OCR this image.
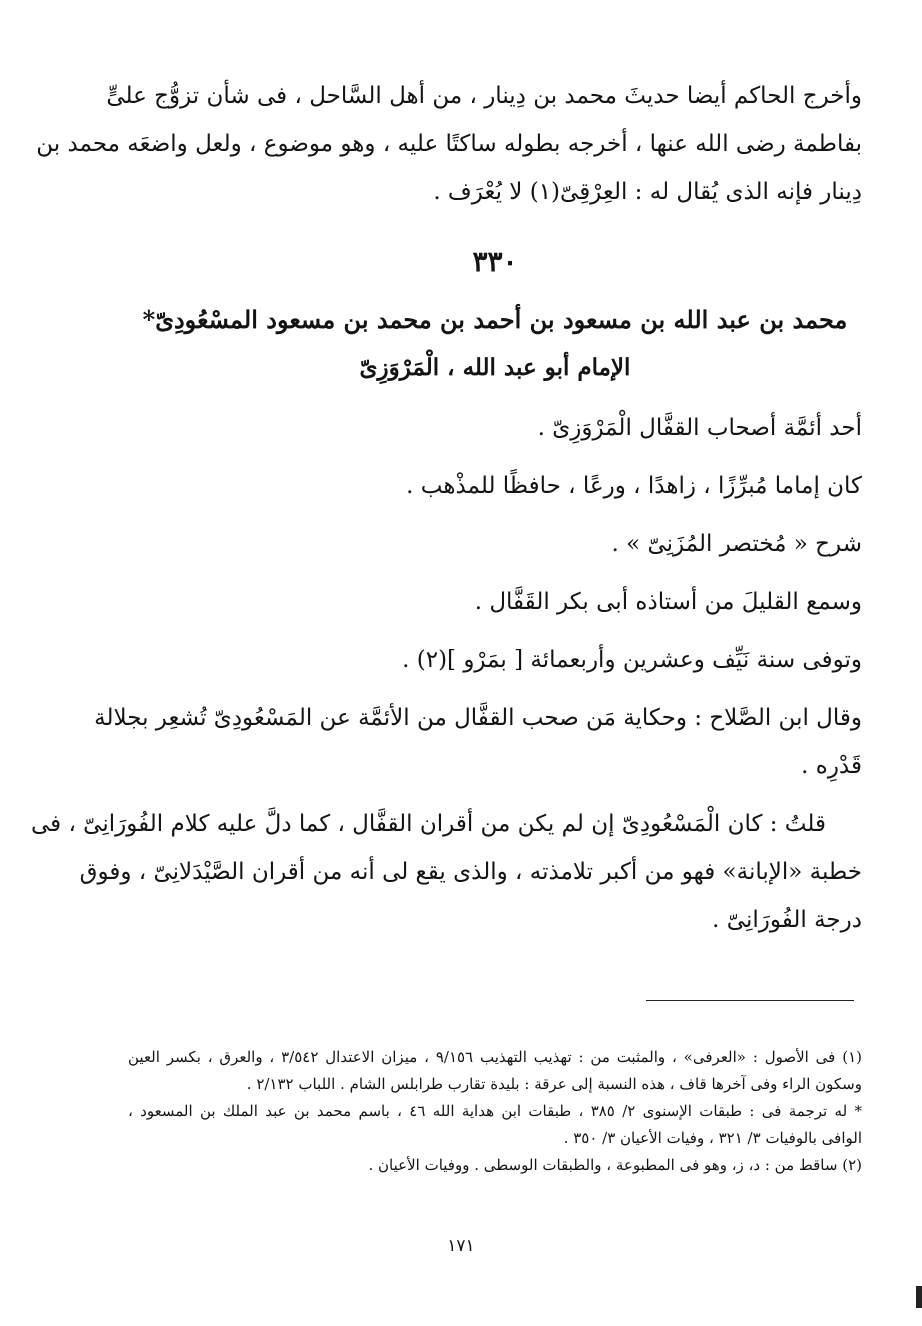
وأخرج الحاكم أيضا حديثَ محمد بن دِينار ، من أهل السَّاحل ، فى شأن تزوُّج علىٍّ
بفاطمة رضى الله عنها ، أخرجه بطوله ساكتًا عليه ، وهو موضوع ، ولعل واضعَه محمد بن
دِينار فإنه الذى يُقال له : العِرْقِىّ(١) لا يُعْرَف .
٣٣٠
محمد بن عبد الله بن مسعود بن أحمد بن محمد بن مسعود المسْعُودِىّ*
الإمام أبو عبد الله ، الْمَرْوَزِىّ
أحد أئمَّة أصحاب القفَّال الْمَرْوَزِىّ .
كان إماما مُبرِّزًا ، زاهدًا ، ورعًا ، حافظًا للمذْهب .
شرح « مُختصر المُزَنِىّ » .
وسمع القليلَ من أستاذه أبى بكر القَفَّال .
وتوفى سنة نَيِّف وعشرين وأربعمائة [ بمَرْو ](٢) .
وقال ابن الصَّلاح : وحكاية مَن صحب القفَّال من الأئمَّة عن المَسْعُودِىّ تُشعِر بجلالة
قَدْرِه .
قلتُ : كان الْمَسْعُودِىّ إن لم يكن من أقران القفَّال ، كما دلَّ عليه كلام الفُورَانِىّ ، فى
خطبة «الإبانة» فهو من أكبر تلامذته ، والذى يقع لى أنه من أقران الصَّيْدَلانِىّ ، وفوق
درجة الفُورَانِىّ .
(١) فى الأصول : «العرفى» ، والمثبت من : تهذيب التهذيب ٩/١٥٦ ، ميزان الاعتدال ٣/٥٤٢ ، والعرق ، بكسر العين
وسكون الراء وفى آخرها قاف ، هذه النسبة إلى عرقة : بليدة تقارب طرابلس الشام . اللباب ٢/١٣٢ .
* له ترجمة فى : طبقات الإسنوى ٢/ ٣٨٥ ، طبقات ابن هداية الله ٤٦ ، باسم محمد بن عبد الملك بن المسعود ،
الوافى بالوفيات ٣/ ٣٢١ ، وفيات الأعيان ٣/ ٣٥٠ .
(٢) ساقط من : د، ز، وهو فى المطبوعة ، والطبقات الوسطى . ووفيات الأعيان .
١٧١
